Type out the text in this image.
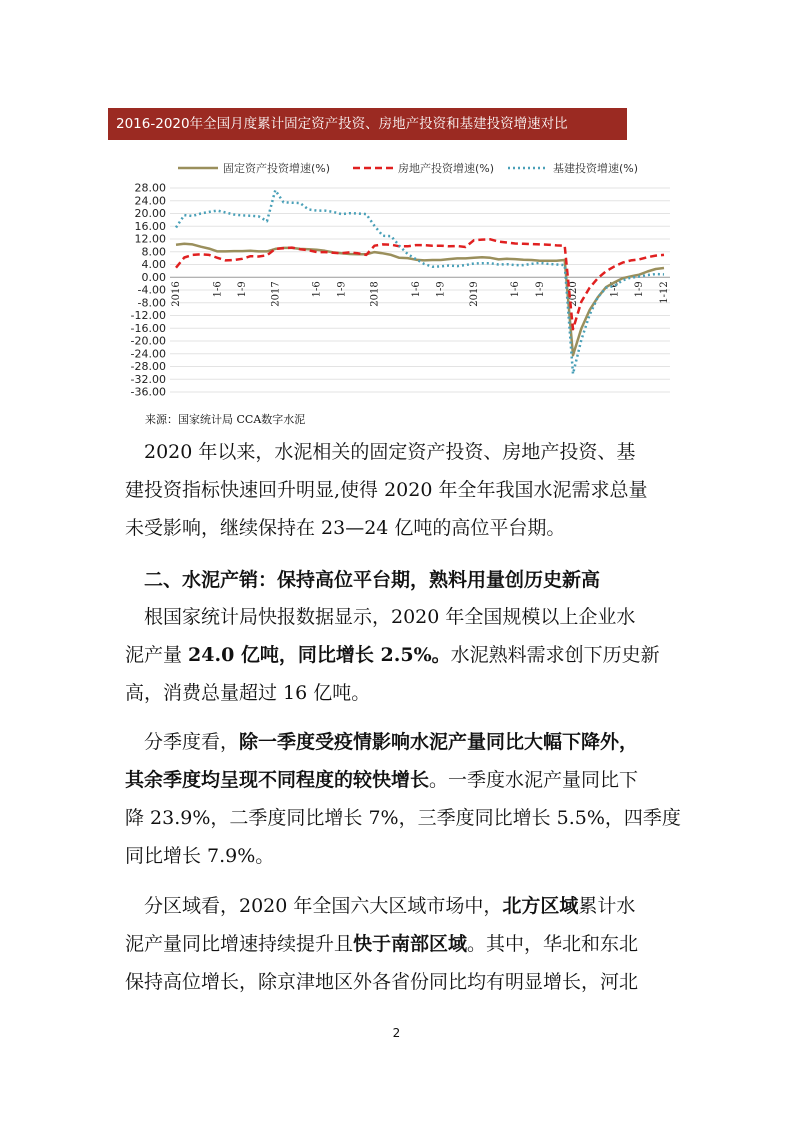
2016-2020年全国月度累计固定资产投资、房地产投资和基建投资增速对比
固定资产投资增速(%)	房地产投资增速(%)	基建投资增速(%)
28.00
24.00
20.00
16.00
12.00
8.00
4.00
0.00
-4.00
-8.00
-12.00
-16.00
-20.00
-24.00
-28.00
-32.00
-36.00
2016	1-6 1-9 2017	1-6 1-9 2018	1-6 1-9 2019	1-6 1-9 2020	1-6 1-9 1-12
来源：国家统计局 CCA数字水泥

2020 年以来，水泥相关的固定资产投资、房地产投资、基

建投资指标快速回升明显,使得 2020 年全年我国水泥需求总量

未受影响，继续保持在 23—24 亿吨的高位平台期。

二、水泥产销：保持高位平台期，熟料用量创历史新高

根国家统计局快报数据显示，2020 年全国规模以上企业水

泥产量 24.0 亿吨，同比增长 2.5%。水泥熟料需求创下历史新

高，消费总量超过 16 亿吨。

分季度看，除一季度受疫情影响水泥产量同比大幅下降外，

其余季度均呈现不同程度的较快增长。一季度水泥产量同比下

降 23.9%，二季度同比增长 7%，三季度同比增长 5.5%，四季度

同比增长 7.9%。

分区域看，2020 年全国六大区域市场中，北方区域累计水

泥产量同比增速持续提升且快于南部区域。其中，华北和东北

保持高位增长，除京津地区外各省份同比均有明显增长，河北

2
